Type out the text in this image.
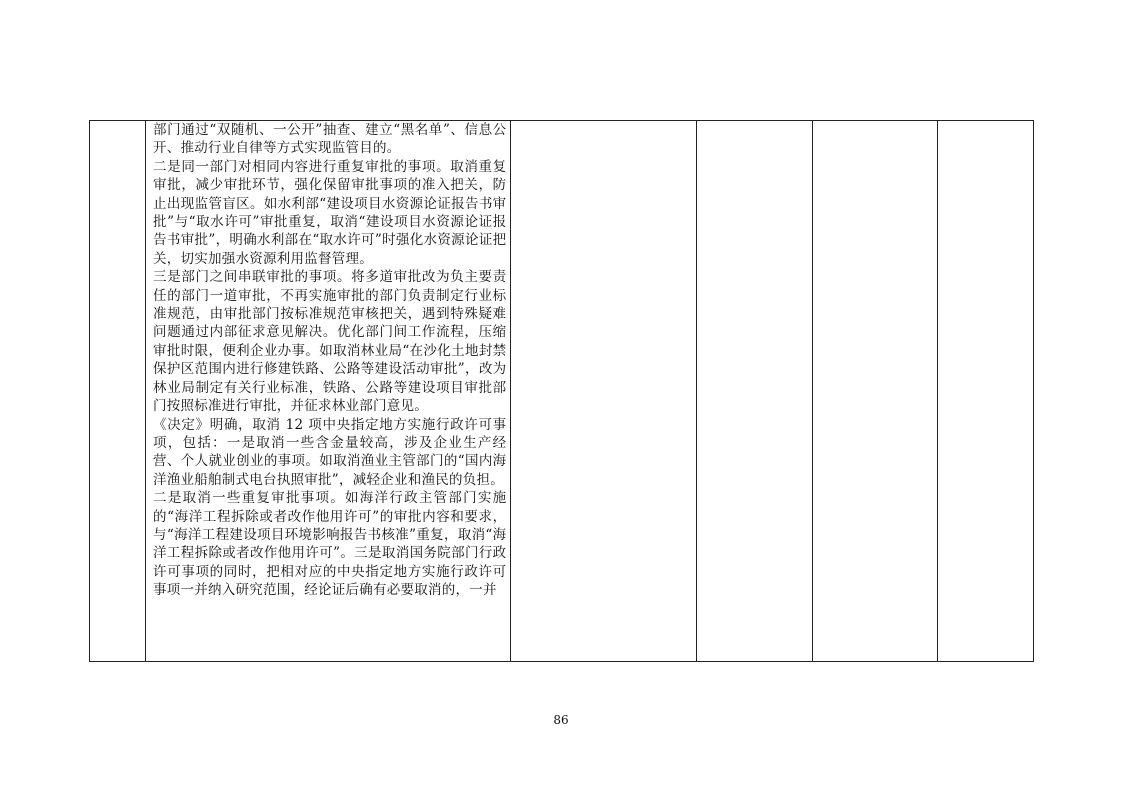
部门通过“双随机、一公开”抽查、建立“黑名单”、信息公开、推动行业自律等方式实现监管目的。

二是同一部门对相同内容进行重复审批的事项。取消重复审批，减少审批环节，强化保留审批事项的准入把关，防止出现监管盲区。如水利部“建设项目水资源论证报告书审批”与“取水许可”审批重复，取消“建设项目水资源论证报告书审批”，明确水利部在“取水许可”时强化水资源论证把关，切实加强水资源利用监督管理。

三是部门之间串联审批的事项。将多道审批改为负主要责任的部门一道审批，不再实施审批的部门负责制定行业标准规范，由审批部门按标准规范审核把关，遇到特殊疑难问题通过内部征求意见解决。优化部门间工作流程，压缩审批时限，便利企业办事。如取消林业局“在沙化土地封禁保护区范围内进行修建铁路、公路等建设活动审批”，改为林业局制定有关行业标准，铁路、公路等建设项目审批部门按照标准进行审批，并征求林业部门意见。

《决定》明确，取消 12 项中央指定地方实施行政许可事项，包括：一是取消一些含金量较高，涉及企业生产经营、个人就业创业的事项。如取消渔业主管部门的“国内海洋渔业船舶制式电台执照审批”，减轻企业和渔民的负担。

二是取消一些重复审批事项。如海洋行政主管部门实施的“海洋工程拆除或者改作他用许可”的审批内容和要求，与“海洋工程建设项目环境影响报告书核准”重复，取消“海洋工程拆除或者改作他用许可”。三是取消国务院部门行政许可事项的同时，把相对应的中央指定地方实施行政许可事项一并纳入研究范围，经论证后确有必要取消的，一并

86
